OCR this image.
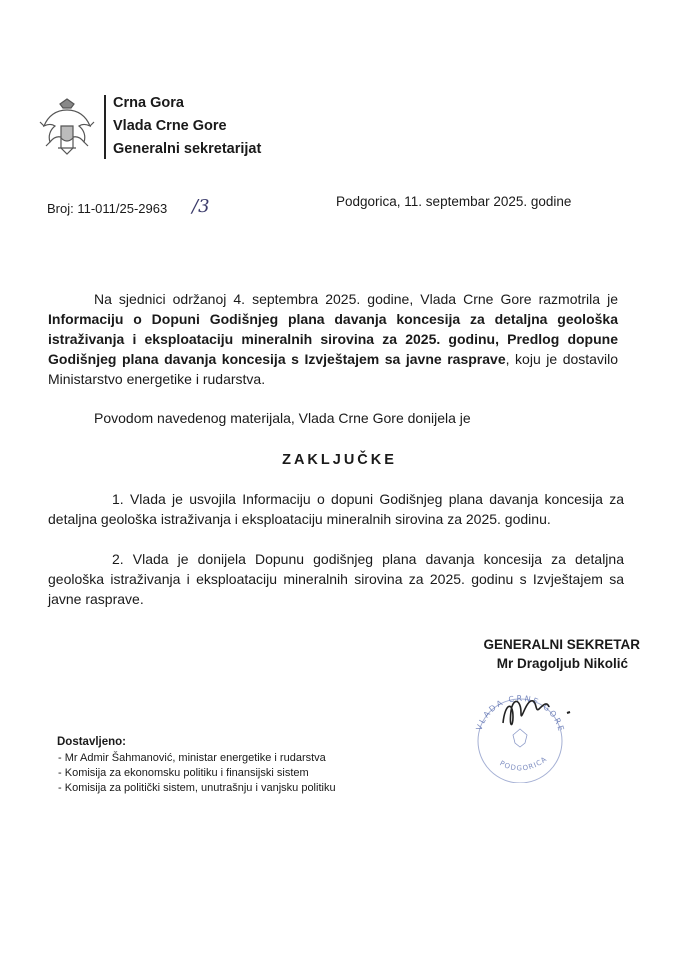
Crna Gora
Vlada Crne Gore
Generalni sekretarijat
Broj: 11-011/25-2963 /3	Podgorica, 11. septembar 2025. godine
Na sjednici održanoj 4. septembra 2025. godine, Vlada Crne Gore razmotrila je Informaciju o Dopuni Godišnjeg plana davanja koncesija za detaljna geološka istraživanja i eksploataciju mineralnih sirovina za 2025. godinu, Predlog dopune Godišnjeg plana davanja koncesija s Izvještajem sa javne rasprave, koju je dostavilo Ministarstvo energetike i rudarstva.
Povodom navedenog materijala, Vlada Crne Gore donijela je
ZAKLJUČKE
1. Vlada je usvojila Informaciju o dopuni Godišnjeg plana davanja koncesija za detaljna geološka istraživanja i eksploataciju mineralnih sirovina za 2025. godinu.
2. Vlada je donijela Dopunu godišnjeg plana davanja koncesija za detaljna geološka istraživanja i eksploataciju mineralnih sirovina za 2025. godinu s Izvještajem sa javne rasprave.
GENERALNI SEKRETAR
Mr Dragoljub Nikolić
VLADA CRNE GORE
PODGORICA
Dostavljeno:
- Mr Admir Šahmanović, ministar energetike i rudarstva
- Komisija za ekonomsku politiku i finansijski sistem
- Komisija za politički sistem, unutrašnju i vanjsku politiku
